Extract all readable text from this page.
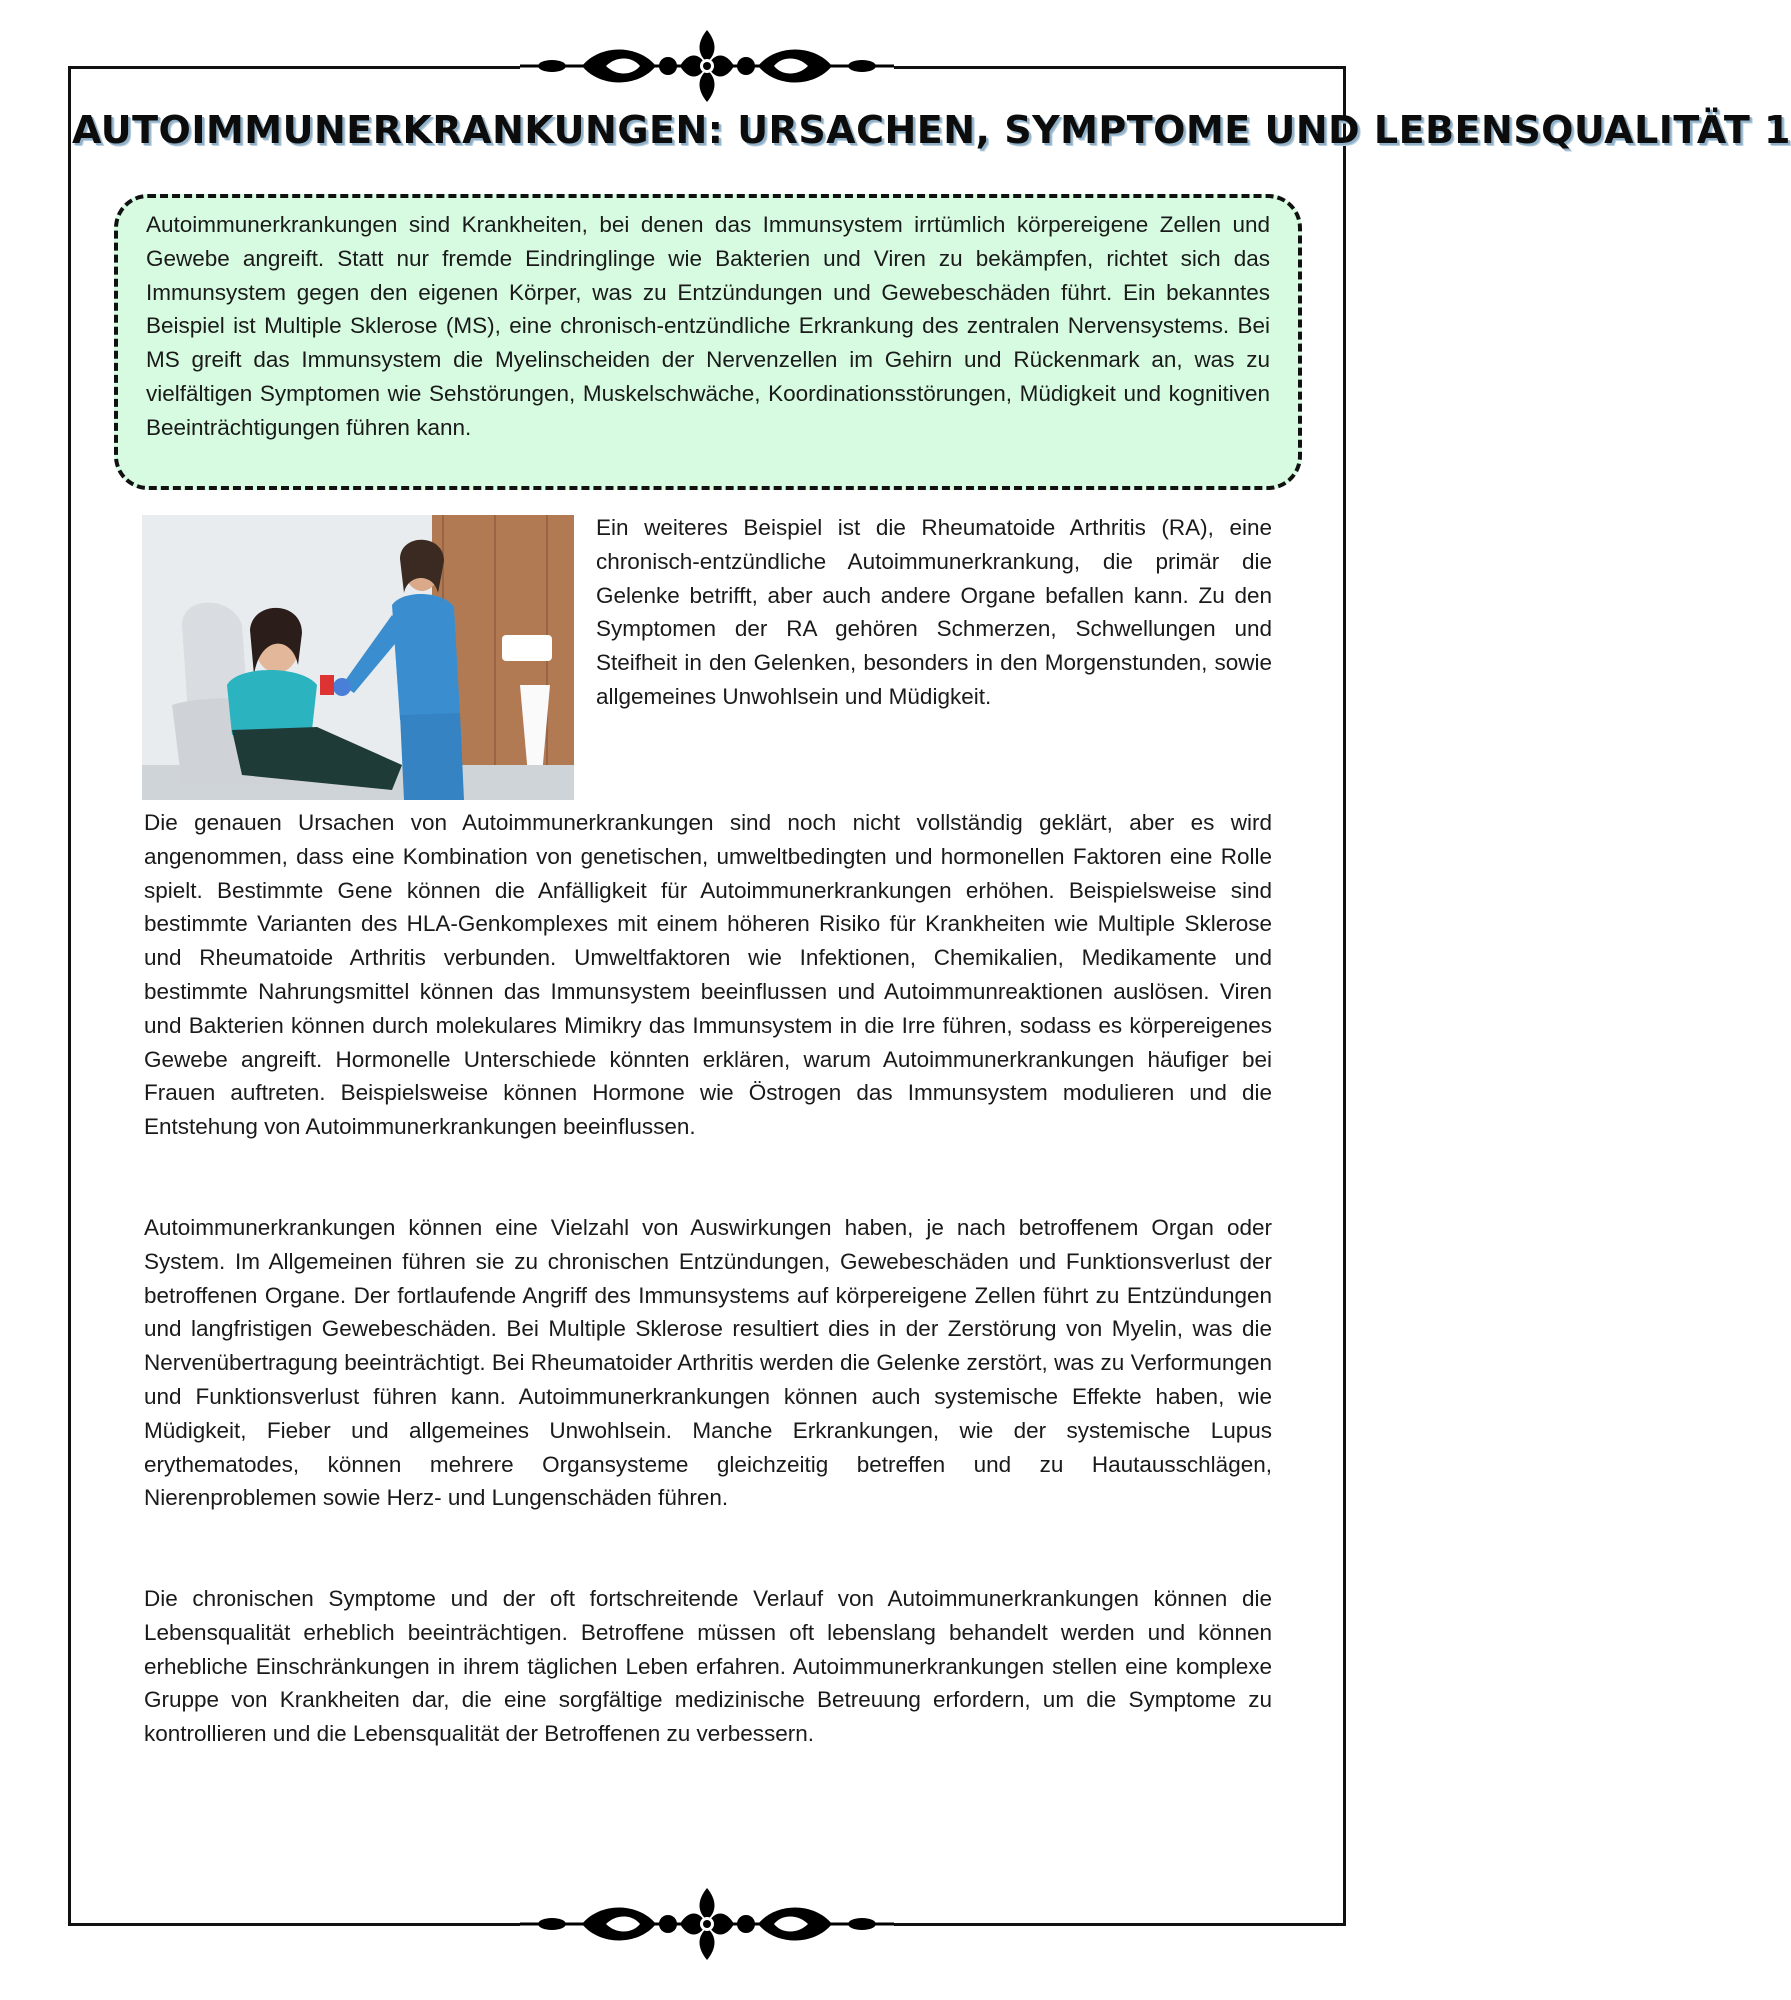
AUTOIMMUNERKRANKUNGEN: URSACHEN, SYMPTOME UND LEBENSQUALITÄT 1

Autoimmunerkrankungen sind Krankheiten, bei denen das Immunsystem irrtümlich körpereigene Zellen und Gewebe angreift. Statt nur fremde Eindringlinge wie Bakterien und Viren zu bekämpfen, richtet sich das Immunsystem gegen den eigenen Körper, was zu Entzündungen und Gewebeschäden führt. Ein bekanntes Beispiel ist Multiple Sklerose (MS), eine chronisch-entzündliche Erkrankung des zentralen Nervensystems. Bei MS greift das Immunsystem die Myelinscheiden der Nervenzellen im Gehirn und Rückenmark an, was zu vielfältigen Symptomen wie Sehstörungen, Muskelschwäche, Koordinationsstörungen, Müdigkeit und kognitiven Beeinträchtigungen führen kann.

Ein weiteres Beispiel ist die Rheumatoide Arthritis (RA), eine chronisch-entzündliche Autoimmunerkrankung, die primär die Gelenke betrifft, aber auch andere Organe befallen kann. Zu den Symptomen der RA gehören Schmerzen, Schwellungen und Steifheit in den Gelenken, besonders in den Morgenstunden, sowie allgemeines Unwohlsein und Müdigkeit.

Die genauen Ursachen von Autoimmunerkrankungen sind noch nicht vollständig geklärt, aber es wird angenommen, dass eine Kombination von genetischen, umweltbedingten und hormonellen Faktoren eine Rolle spielt. Bestimmte Gene können die Anfälligkeit für Autoimmunerkrankungen erhöhen. Beispielsweise sind bestimmte Varianten des HLA-Genkomplexes mit einem höheren Risiko für Krankheiten wie Multiple Sklerose und Rheumatoide Arthritis verbunden. Umweltfaktoren wie Infektionen, Chemikalien, Medikamente und bestimmte Nahrungsmittel können das Immunsystem beeinflussen und Autoimmunreaktionen auslösen. Viren und Bakterien können durch molekulares Mimikry das Immunsystem in die Irre führen, sodass es körpereigenes Gewebe angreift. Hormonelle Unterschiede könnten erklären, warum Autoimmunerkrankungen häufiger bei Frauen auftreten. Beispielsweise können Hormone wie Östrogen das Immunsystem modulieren und die Entstehung von Autoimmunerkrankungen beeinflussen.

Autoimmunerkrankungen können eine Vielzahl von Auswirkungen haben, je nach betroffenem Organ oder System. Im Allgemeinen führen sie zu chronischen Entzündungen, Gewebeschäden und Funktionsverlust der betroffenen Organe. Der fortlaufende Angriff des Immunsystems auf körpereigene Zellen führt zu Entzündungen und langfristigen Gewebeschäden. Bei Multiple Sklerose resultiert dies in der Zerstörung von Myelin, was die Nervenübertragung beeinträchtigt. Bei Rheumatoider Arthritis werden die Gelenke zerstört, was zu Verformungen und Funktionsverlust führen kann. Autoimmunerkrankungen können auch systemische Effekte haben, wie Müdigkeit, Fieber und allgemeines Unwohlsein. Manche Erkrankungen, wie der systemische Lupus erythematodes, können mehrere Organsysteme gleichzeitig betreffen und zu Hautausschlägen, Nierenproblemen sowie Herz- und Lungenschäden führen.

Die chronischen Symptome und der oft fortschreitende Verlauf von Autoimmunerkrankungen können die Lebensqualität erheblich beeinträchtigen. Betroffene müssen oft lebenslang behandelt werden und können erhebliche Einschränkungen in ihrem täglichen Leben erfahren. Autoimmunerkrankungen stellen eine komplexe Gruppe von Krankheiten dar, die eine sorgfältige medizinische Betreuung erfordern, um die Symptome zu kontrollieren und die Lebensqualität der Betroffenen zu verbessern.
